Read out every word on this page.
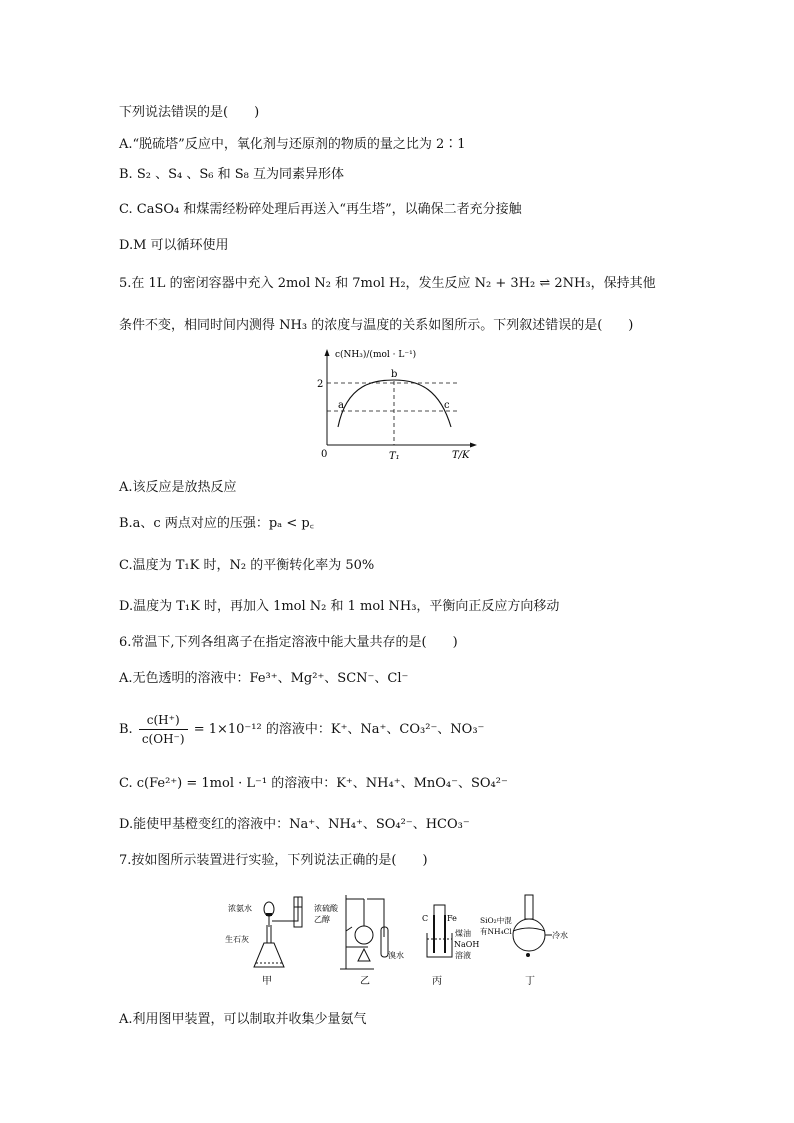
下列说法错误的是(　　)
A.“脱硫塔”反应中，氧化剂与还原剂的物质的量之比为 2∶1
B. S₂ 、S₄ 、S₆ 和 S₈ 互为同素异形体
C. CaSO₄ 和煤需经粉碎处理后再送入“再生塔”，以确保二者充分接触
D.M 可以循环使用
5.在 1L 的密闭容器中充入 2mol N₂ 和 7mol H₂，发生反应 N₂ + 3H₂ ⇌ 2NH₃，保持其他
条件不变，相同时间内测得 NH₃ 的浓度与温度的关系如图所示。下列叙述错误的是(　　)
c(NH₃)/(mol · L⁻¹)
2
0	T₁	T/K
a
b
c
A.该反应是放热反应
B.a、c 两点对应的压强：pₐ < p꜀
C.温度为 T₁K 时，N₂ 的平衡转化率为 50%
D.温度为 T₁K 时，再加入 1mol N₂ 和 1 mol NH₃，平衡向正反应方向移动
6.常温下,下列各组离子在指定溶液中能大量共存的是(　　)
A.无色透明的溶液中：Fe³⁺、Mg²⁺、SCN⁻、Cl⁻
B. $\frac{c(H^+)}{c(OH^-)} = 1\times 10^{-12}$ 的溶液中：K⁺、Na⁺、CO₃²⁻、NO₃⁻
C. c(Fe²⁺) = 1mol · L⁻¹ 的溶液中：K⁺、NH₄⁺、MnO₄⁻、SO₄²⁻
D.能使甲基橙变红的溶液中：Na⁺、NH₄⁺、SO₄²⁻、HCO₃⁻
7.按如图所示装置进行实验，下列说法正确的是(　　)
浓氨水
生石灰
甲
浓硫酸
乙醇
溴水
乙
C Fe
煤油
NaOH
溶液
丙
SiO₂中混
有NH₄Cl	冷水
丁
A.利用图甲装置，可以制取并收集少量氨气
